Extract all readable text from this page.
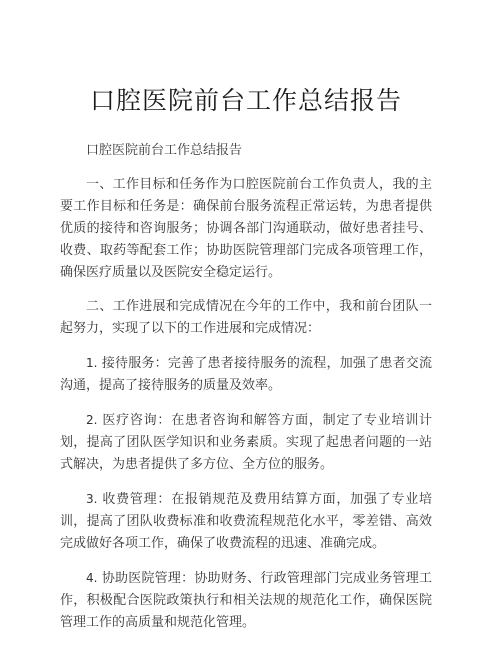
口腔医院前台工作总结报告

口腔医院前台工作总结报告

一、工作目标和任务作为口腔医院前台工作负责人，我的主要工作目标和任务是：确保前台服务流程正常运转，为患者提供优质的接待和咨询服务；协调各部门沟通联动，做好患者挂号、收费、取药等配套工作；协助医院管理部门完成各项管理工作，确保医疗质量以及医院安全稳定运行。

二、工作进展和完成情况在今年的工作中，我和前台团队一起努力，实现了以下的工作进展和完成情况：

1. 接待服务：完善了患者接待服务的流程，加强了患者交流沟通，提高了接待服务的质量及效率。

2. 医疗咨询：在患者咨询和解答方面，制定了专业培训计划，提高了团队医学知识和业务素质。实现了起患者问题的一站式解决，为患者提供了多方位、全方位的服务。

3. 收费管理：在报销规范及费用结算方面，加强了专业培训，提高了团队收费标准和收费流程规范化水平，零差错、高效完成做好各项工作，确保了收费流程的迅速、准确完成。

4. 协助医院管理：协助财务、行政管理部门完成业务管理工作，积极配合医院政策执行和相关法规的规范化工作，确保医院管理工作的高质量和规范化管理。
